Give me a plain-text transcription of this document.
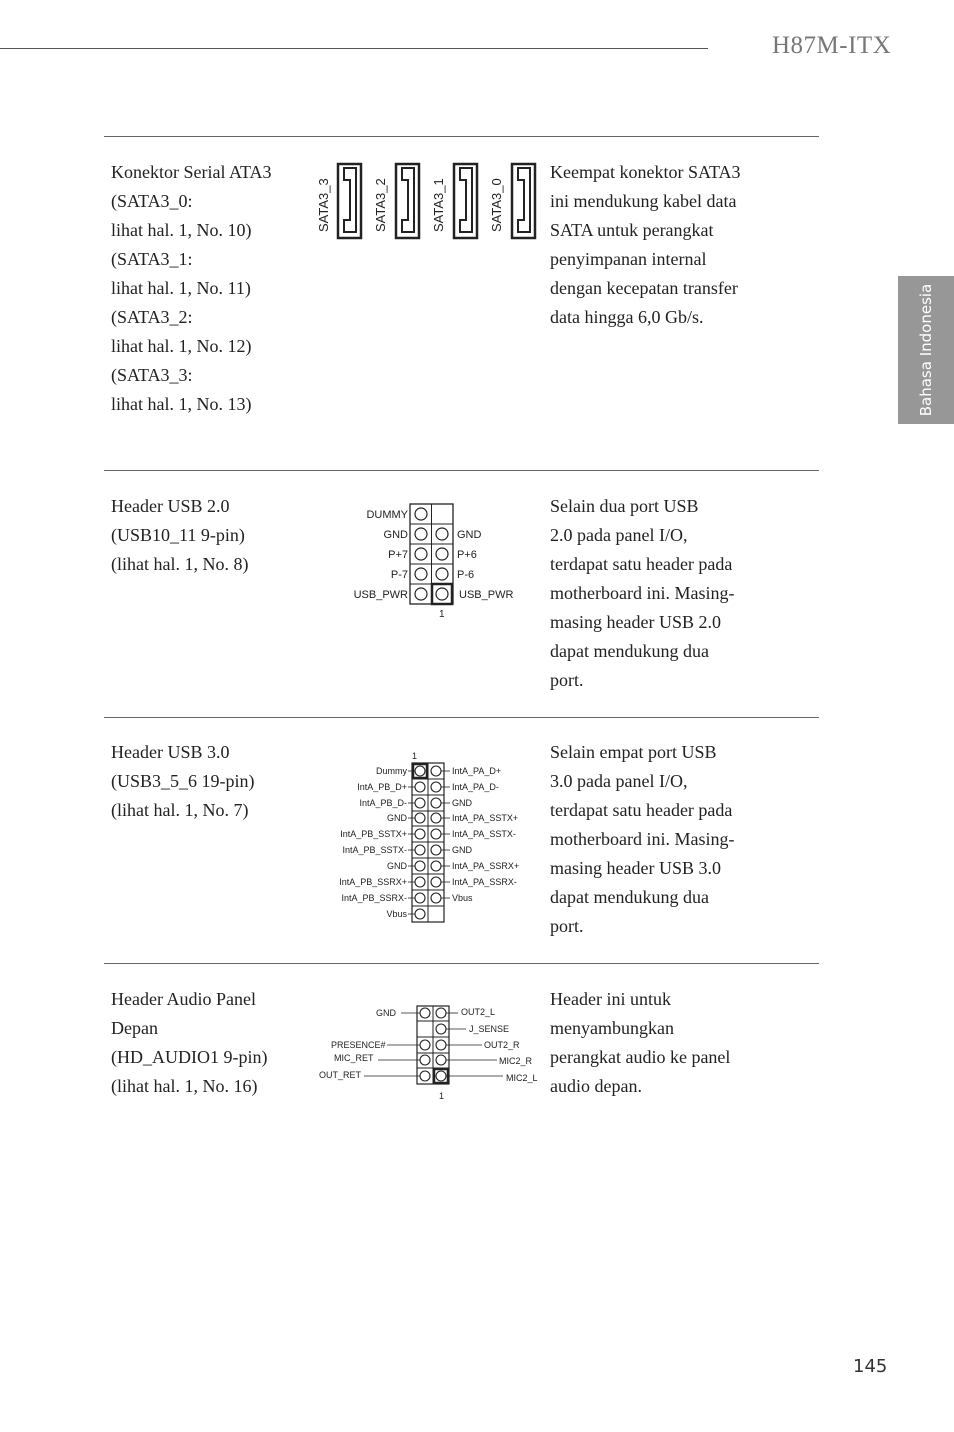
H87M-ITX
Bahasa Indonesia
Konektor Serial ATA3
(SATA3_0:
lihat hal. 1, No. 10)
(SATA3_1:
lihat hal. 1, No. 11)
(SATA3_2:
lihat hal. 1, No. 12)
(SATA3_3:
lihat hal. 1, No. 13)
SATA3_3	SATA3_2	SATA3_1	SATA3_0
Keempat konektor SATA3
ini mendukung kabel data
SATA untuk perangkat
penyimpanan internal
dengan kecepatan transfer
data hingga 6,0 Gb/s.
Header USB 2.0
(USB10_11 9-pin)
(lihat hal. 1, No. 8)
DUMMY
GND
P+7
P-7
USB_PWR
GND
P+6
P-6
USB_PWR
1
Selain dua port USB
2.0 pada panel I/O,
terdapat satu header pada
motherboard ini. Masing-
masing header USB 2.0
dapat mendukung dua
port.
Header USB 3.0
(USB3_5_6 19-pin)
(lihat hal. 1, No. 7)
1
Dummy
IntA_PB_D+
IntA_PB_D-
GND
IntA_PB_SSTX+
IntA_PB_SSTX-
GND
IntA_PB_SSRX+
IntA_PB_SSRX-
Vbus
IntA_PA_D+
IntA_PA_D-
GND
IntA_PA_SSTX+
IntA_PA_SSTX-
GND
IntA_PA_SSRX+
IntA_PA_SSRX-
Vbus
Selain empat port USB
3.0 pada panel I/O,
terdapat satu header pada
motherboard ini. Masing-
masing header USB 3.0
dapat mendukung dua
port.
Header Audio Panel
Depan
(HD_AUDIO1 9-pin)
(lihat hal. 1, No. 16)
GND
PRESENCE#
MIC_RET
OUT_RET
OUT2_L
J_SENSE
OUT2_R
MIC2_R
MIC2_L
1
Header ini untuk
menyambungkan
perangkat audio ke panel
audio depan.
145
